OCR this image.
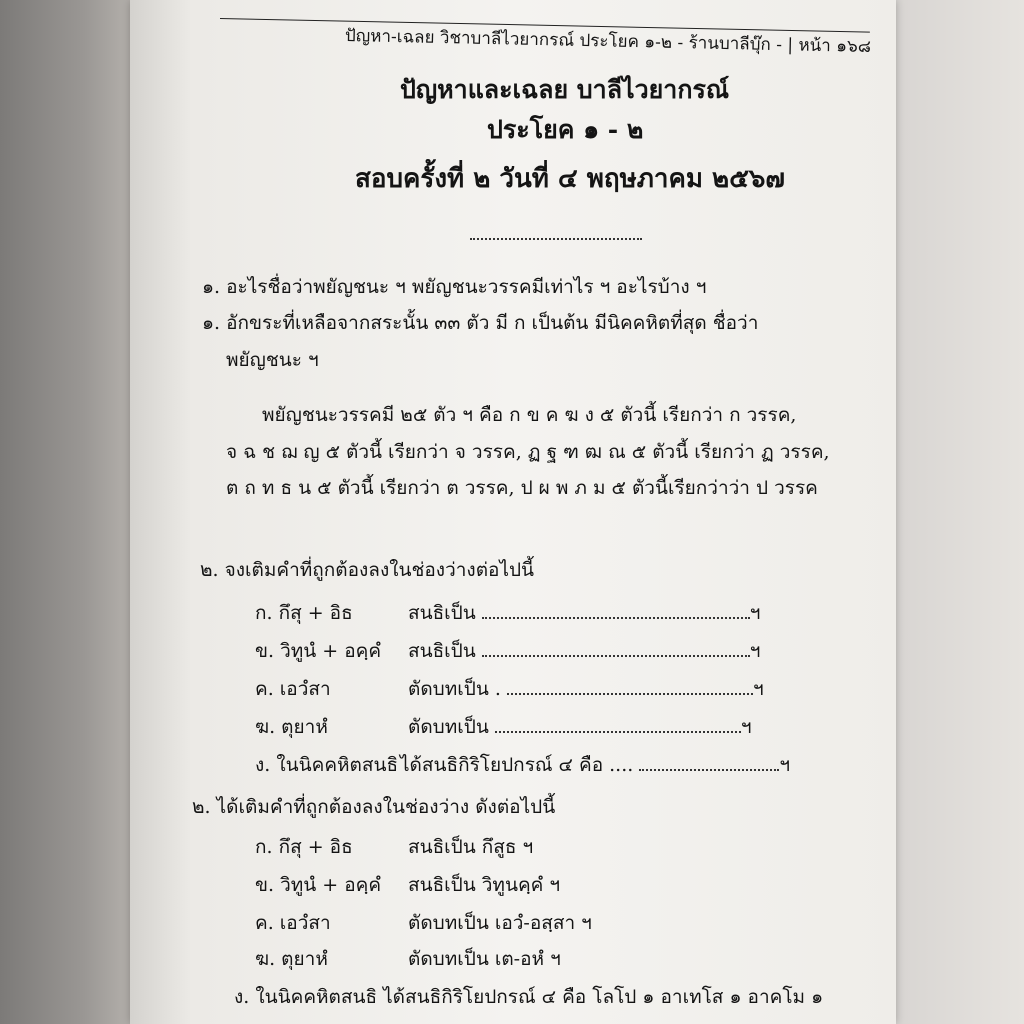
ปัญหา-เฉลย วิชาบาลีไวยากรณ์ ประโยค ๑-๒ - ร้านบาลีบุ๊ก - | หน้า ๑๖๘
ปัญหาและเฉลย บาลีไวยากรณ์
ประโยค ๑ - ๒
สอบครั้งที่ ๒ วันที่ ๔ พฤษภาคม ๒๕๖๗
๑. อะไรชื่อว่าพยัญชนะ ฯ พยัญชนะวรรคมีเท่าไร ฯ อะไรบ้าง ฯ
๑. อักขระที่เหลือจากสระนั้น ๓๓ ตัว มี ก เป็นต้น มีนิคคหิตที่สุด ชื่อว่า
พยัญชนะ ฯ
พยัญชนะวรรคมี ๒๕ ตัว ฯ คือ ก ข ค ฆ ง ๕ ตัวนี้ เรียกว่า ก วรรค,
จ ฉ ช ฌ ญ ๕ ตัวนี้ เรียกว่า จ วรรค, ฏ ฐ ฑ ฒ ณ ๕ ตัวนี้ เรียกว่า ฏ วรรค,
ต ถ ท ธ น ๕ ตัวนี้ เรียกว่า ต วรรค, ป ผ พ ภ ม ๕ ตัวนี้เรียกว่าว่า ป วรรค
๒. จงเติมคำที่ถูกต้องลงในช่องว่างต่อไปนี้
ก. กึสุ + อิธ	สนธิเป็น	ฯ
ข. วิทูนํ + อคฺคํ สนธิเป็น	ฯ
ค. เอวํสา	ตัดบทเป็น .	ฯ
ฆ. ตุยาหํ	ตัดบทเป็น	ฯ
ง. ในนิคคหิตสนธิ ได้สนธิกิริโยปกรณ์ ๔ คือ ....	ฯ
๒. ได้เติมคำที่ถูกต้องลงในช่องว่าง ดังต่อไปนี้
ก. กึสุ + อิธ	สนธิเป็น กึสูธ ฯ
ข. วิทูนํ + อคฺคํ สนธิเป็น วิทูนคฺคํ ฯ
ค. เอวํสา	ตัดบทเป็น เอวํ-อสฺสา ฯ
ฆ. ตุยาหํ	ตัดบทเป็น เต-อหํ ฯ
ง. ในนิคคหิตสนธิ ได้สนธิกิริโยปกรณ์ ๔ คือ โลโป ๑ อาเทโส ๑ อาคโม ๑
